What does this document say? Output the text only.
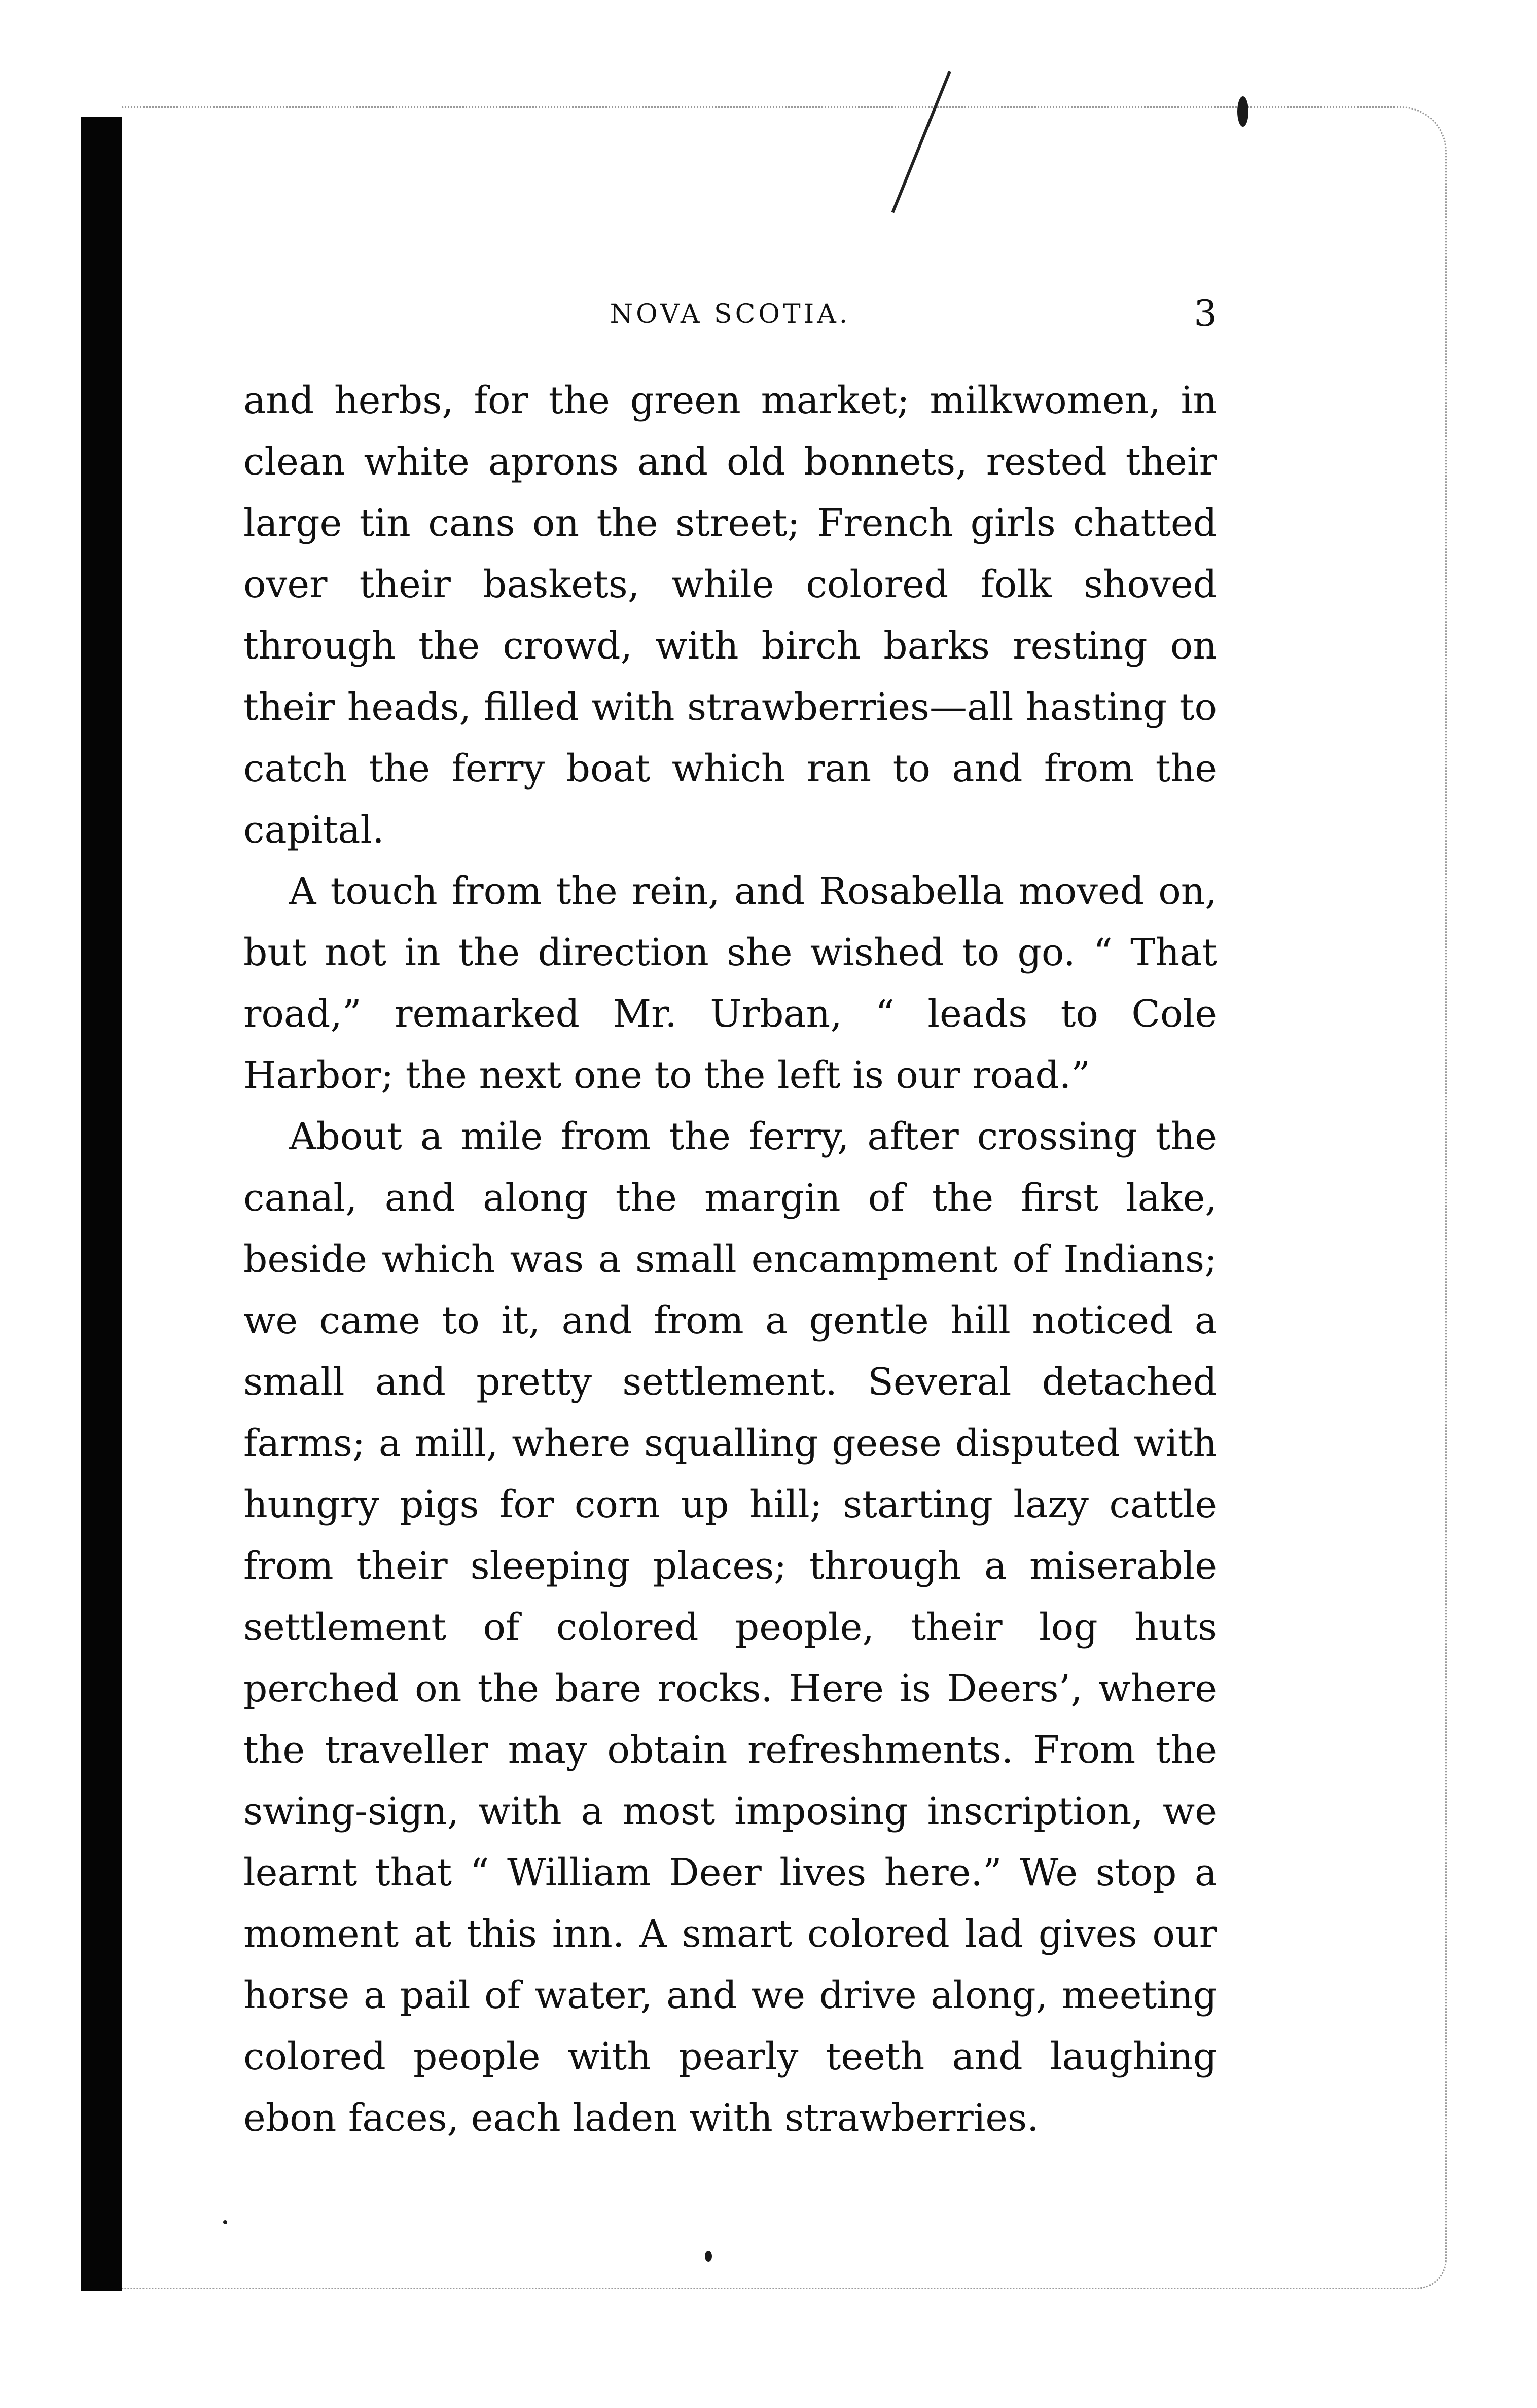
NOVA SCOTIA.	3

and herbs, for the green market; milkwomen, in clean white aprons and old bonnets, rested their large tin cans on the street; French girls chatted over their baskets, while colored folk shoved through the crowd, with birch barks resting on their heads, filled with strawberries—all hasting to catch the ferry boat which ran to and from the capital.

A touch from the rein, and Rosabella moved on, but not in the direction she wished to go. “ That road,” remarked Mr. Urban, “ leads to Cole Harbor; the next one to the left is our road.”

About a mile from the ferry, after crossing the canal, and along the margin of the first lake, beside which was a small encampment of Indians; we came to it, and from a gentle hill noticed a small and pretty settlement. Several detached farms; a mill, where squalling geese disputed with hungry pigs for corn up hill; starting lazy cattle from their sleeping places; through a miserable settlement of colored people, their log huts perched on the bare rocks. Here is Deers’, where the traveller may obtain refreshments. From the swing-sign, with a most imposing inscription, we learnt that “ William Deer lives here.” We stop a moment at this inn. A smart colored lad gives our horse a pail of water, and we drive along, meeting colored people with pearly teeth and laughing ebon faces, each laden with strawberries.
